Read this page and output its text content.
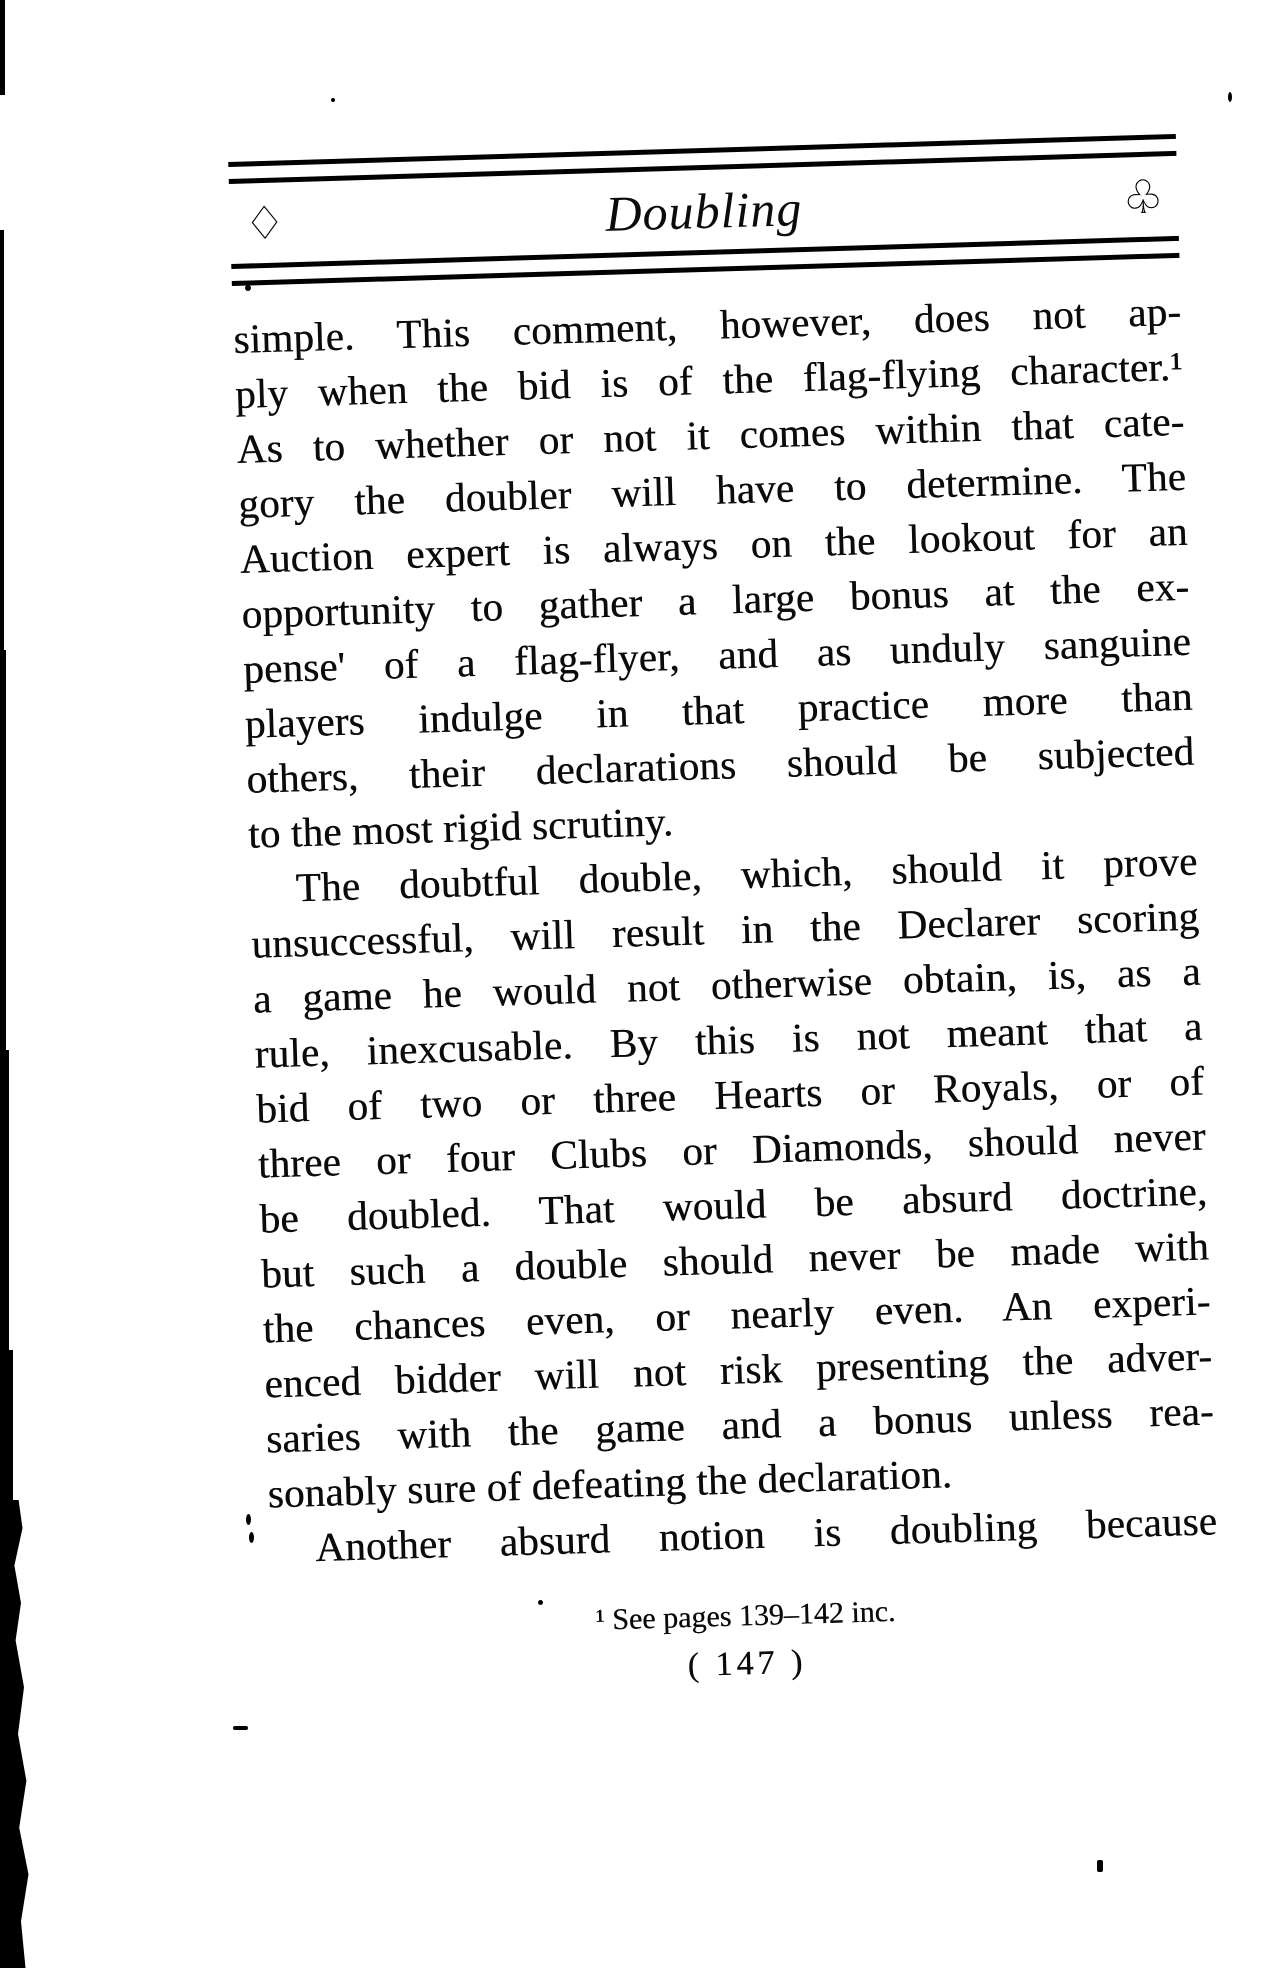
♢	Doubling	♧
simple. This comment, however, does not ap-
ply when the bid is of the flag-flying character.¹
As to whether or not it comes within that cate-
gory the doubler will have to determine. The
Auction expert is always on the lookout for an
opportunity to gather a large bonus at the ex-
pense' of a flag-flyer, and as unduly sanguine
players indulge in that practice more than
others, their declarations should be subjected
to the most rigid scrutiny.
The doubtful double, which, should it prove
unsuccessful, will result in the Declarer scoring
a game he would not otherwise obtain, is, as a
rule, inexcusable. By this is not meant that a
bid of two or three Hearts or Royals, or of
three or four Clubs or Diamonds, should never
be doubled. That would be absurd doctrine,
but such a double should never be made with
the chances even, or nearly even. An experi-
enced bidder will not risk presenting the adver-
saries with the game and a bonus unless rea-
sonably sure of defeating the declaration.
Another absurd notion is doubling because
¹ See pages 139–142 inc.
( 147 )
